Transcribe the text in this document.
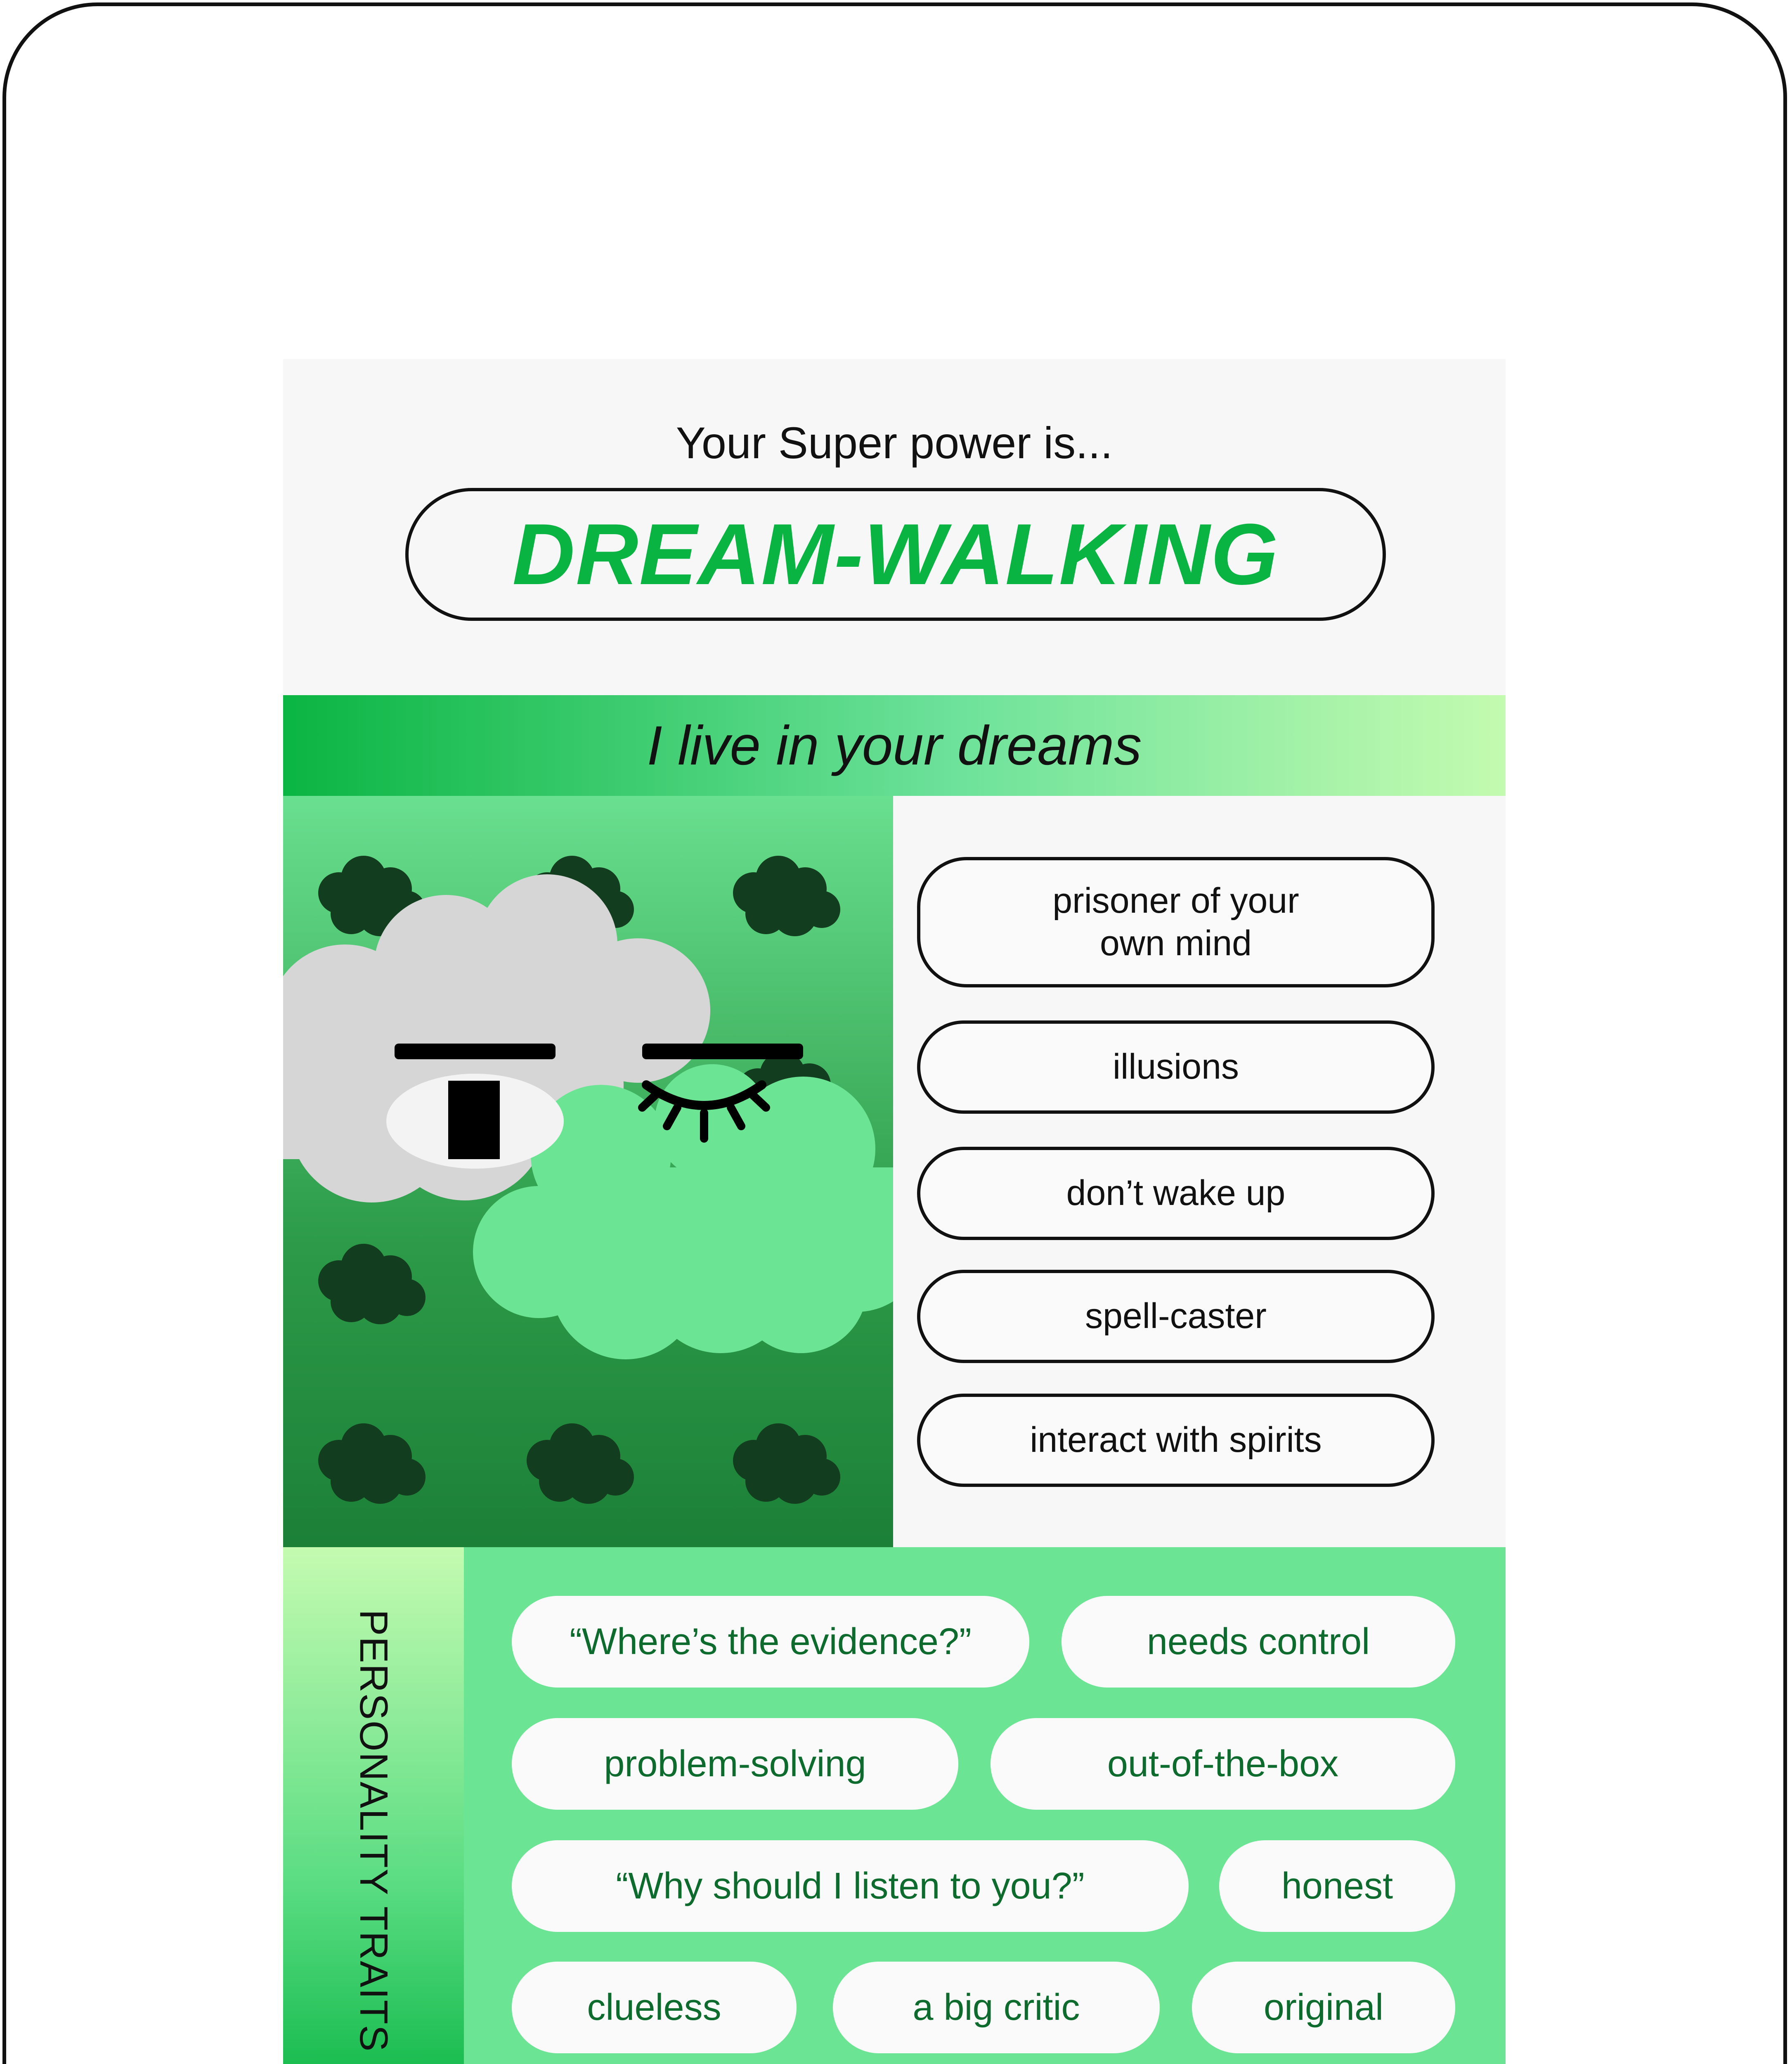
Your Super power is...
DREAM-WALKING
I live in your dreams
prisoner of your
own mind
illusions
don’t wake up
spell-caster
interact with spirits
PERSONALITY TRAITS	“Where’s the evidence?”	needs control
problem-solving	out-of-the-box
“Why should I listen to you?”	honest
clueless	a big critic	original
